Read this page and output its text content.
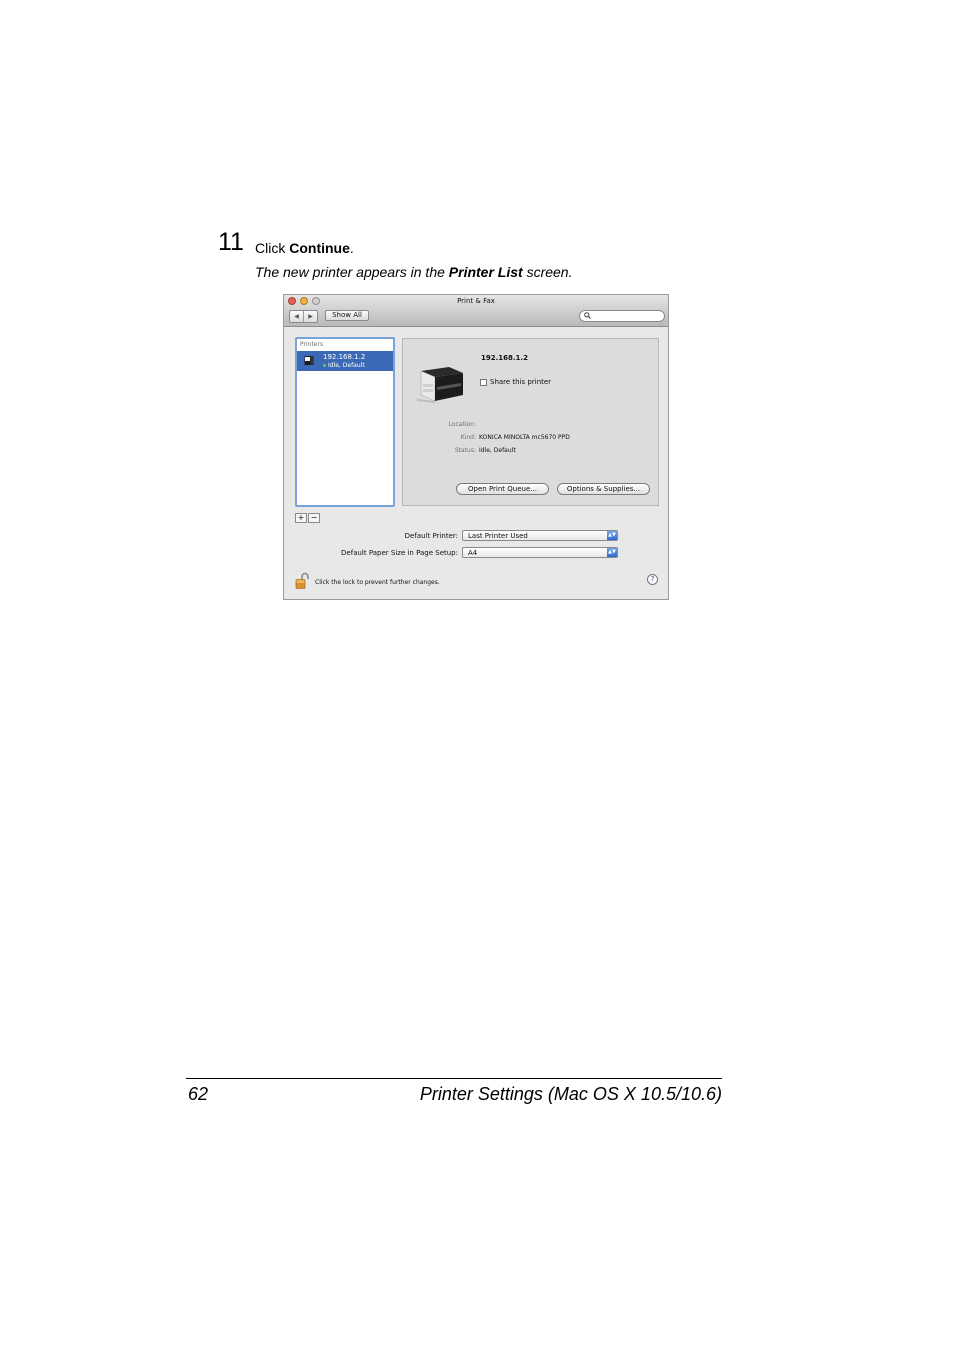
11 Click Continue.
The new printer appears in the Printer List screen.
Print & Fax
◀	▶	Show All
Printers
192.168.1.2
Idle, Default
+ −
192.168.1.2
Share this printer
Location:
Kind: KONICA MINOLTA mc5670 PPD
Status: Idle, Default
Open Print Queue...	Options & Supplies...
Default Printer: Last Printer Used	▲▼
Default Paper Size in Page Setup: A4	▲▼
Click the lock to prevent further changes.	?
62	Printer Settings (Mac OS X 10.5/10.6)
